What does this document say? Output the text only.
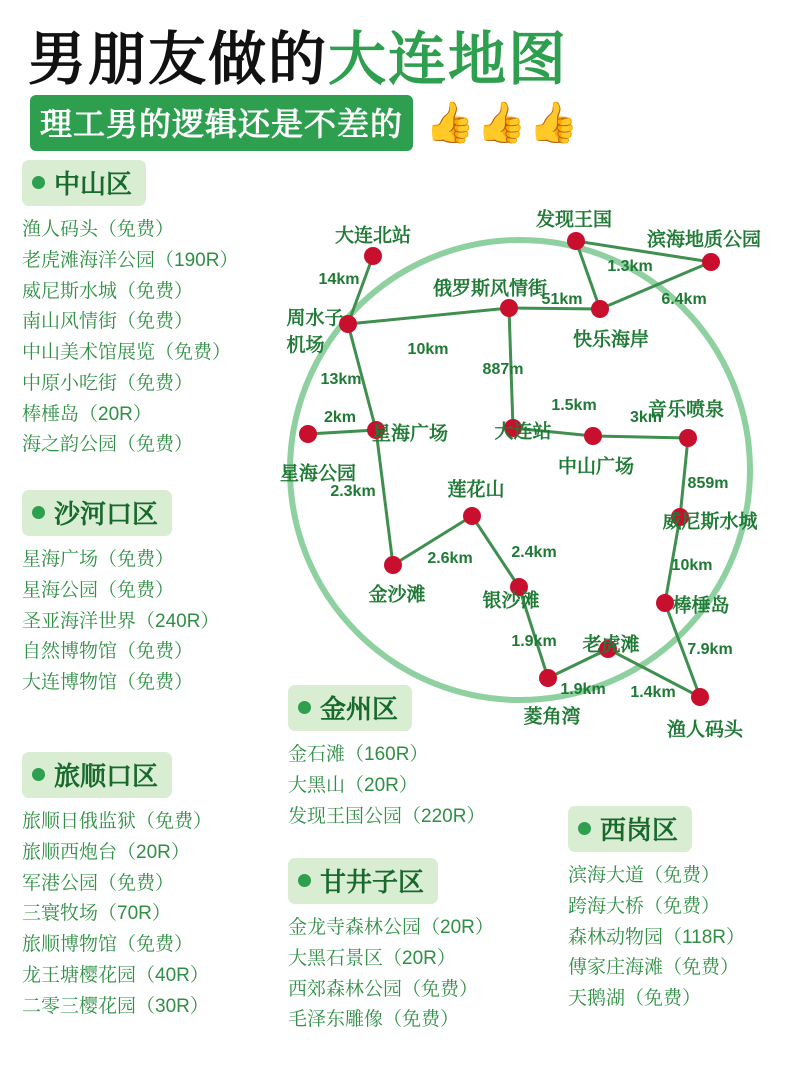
男朋友做的大连地图
理工男的逻辑还是不差的 👍👍👍
中山区
渔人码头（免费）
老虎滩海洋公园（190R）
威尼斯水城（免费）
南山风情街（免费）
中山美术馆展览（免费）
中原小吃街（免费）
棒棰岛（20R）
海之韵公园（免费）
沙河口区
星海广场（免费）
星海公园（免费）
圣亚海洋世界（240R）
自然博物馆（免费）
大连博物馆（免费）
旅顺口区
旅顺日俄监狱（免费）
旅顺西炮台（20R）
军港公园（免费）
三寰牧场（70R）
旅顺博物馆（免费）
龙王塘樱花园（40R）
二零三樱花园（30R）
金州区
金石滩（160R）
大黑山（20R）
发现王国公园（220R）
甘井子区
金龙寺森林公园（20R）
大黑石景区（20R）
西郊森林公园（免费）
毛泽东雕像（免费）
西岗区
滨海大道（免费）
跨海大桥（免费）
森林动物园（118R）
傅家庄海滩（免费）
天鹅湖（免费）
大连北站
发现王国
滨海地质公园
俄罗斯风情街
快乐海岸
周水子
机场
星海广场 大连站
音乐喷泉
中山广场
星海公园
威尼斯水城
莲花山
金沙滩	银沙滩	棒棰岛
老虎滩
菱角湾
渔人码头
14km
1.3km
6.4km
51km
10km
13km
887m
2km
1.5km
3km
859m
10km
7.9km
2.3km
2.6km 2.4km
1.9km
1.9km 1.4km
